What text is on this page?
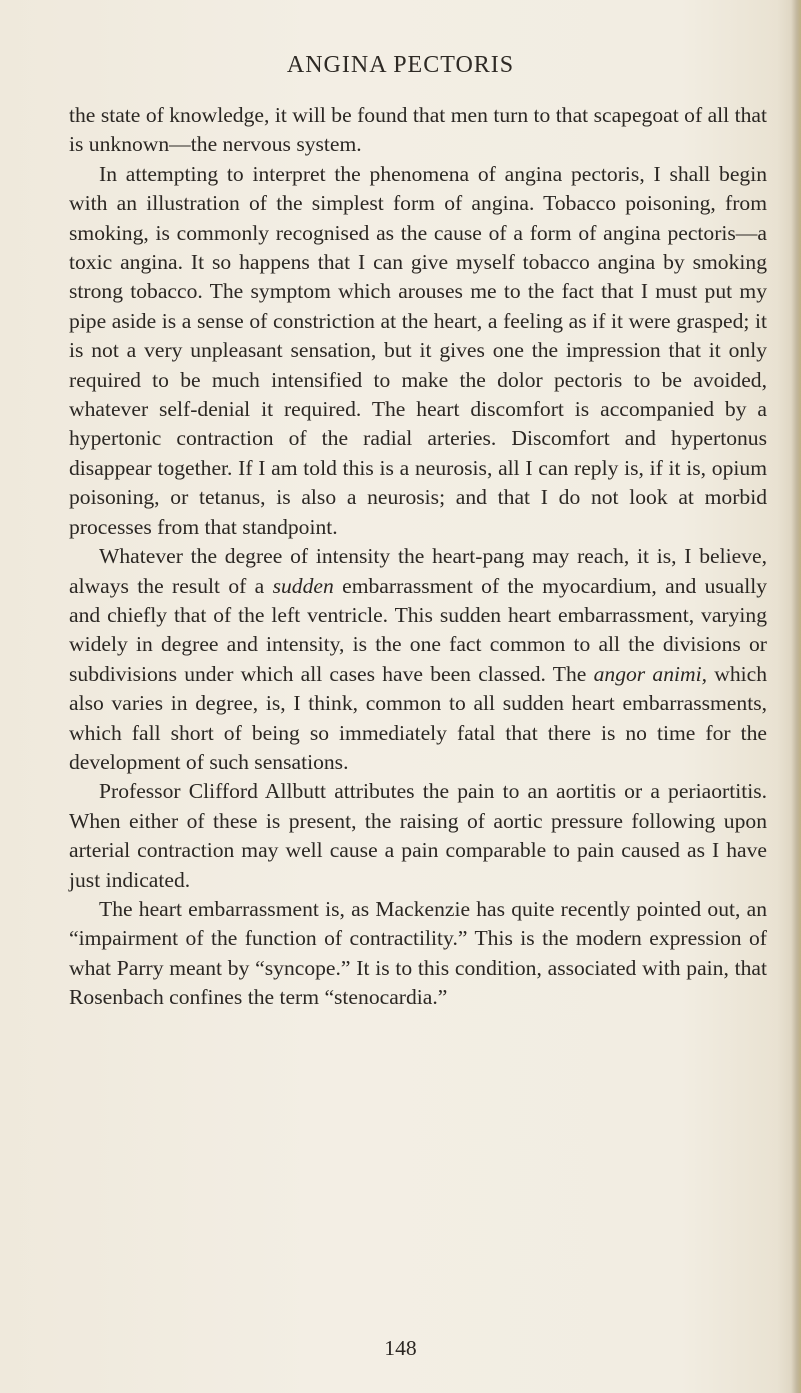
ANGINA PECTORIS

the state of knowledge, it will be found that men turn to that scapegoat of all that is unknown—the nervous system.

In attempting to interpret the phenomena of angina pectoris, I shall begin with an illustration of the simplest form of angina. Tobacco poisoning, from smoking, is commonly recognised as the cause of a form of angina pectoris—a toxic angina. It so happens that I can give myself tobacco angina by smoking strong tobacco. The symptom which arouses me to the fact that I must put my pipe aside is a sense of constriction at the heart, a feeling as if it were grasped; it is not a very unpleasant sensation, but it gives one the impression that it only required to be much intensified to make the dolor pectoris to be avoided, whatever self-denial it required. The heart discomfort is accompanied by a hypertonic contraction of the radial arteries. Discomfort and hypertonus disappear together. If I am told this is a neurosis, all I can reply is, if it is, opium poisoning, or tetanus, is also a neurosis; and that I do not look at morbid processes from that standpoint.

Whatever the degree of intensity the heart-pang may reach, it is, I believe, always the result of a sudden embarrassment of the myocardium, and usually and chiefly that of the left ventricle. This sudden heart embarrassment, varying widely in degree and intensity, is the one fact common to all the divisions or subdivisions under which all cases have been classed. The angor animi, which also varies in degree, is, I think, common to all sudden heart embarrassments, which fall short of being so immediately fatal that there is no time for the development of such sensations.

Professor Clifford Allbutt attributes the pain to an aortitis or a periaortitis. When either of these is present, the raising of aortic pressure following upon arterial contraction may well cause a pain comparable to pain caused as I have just indicated.

The heart embarrassment is, as Mackenzie has quite recently pointed out, an “impairment of the function of contractility.” This is the modern expression of what Parry meant by “syncope.” It is to this condition, associated with pain, that Rosenbach confines the term “stenocardia.”

148
